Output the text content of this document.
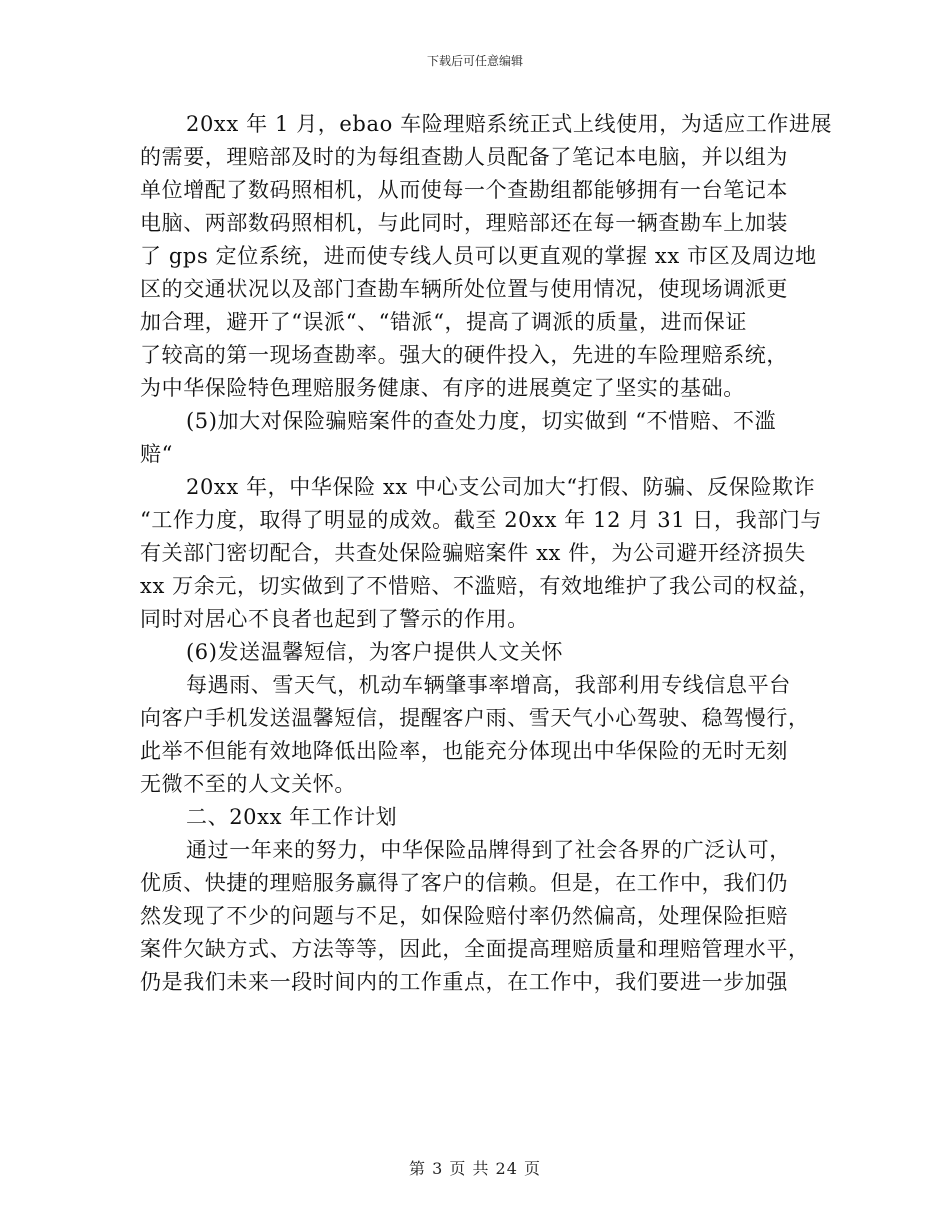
下载后可任意编辑
20xx 年 1 月，ebao 车险理赔系统正式上线使用，为适应工作进展
的需要，理赔部及时的为每组查勘人员配备了笔记本电脑，并以组为
单位增配了数码照相机，从而使每一个查勘组都能够拥有一台笔记本
电脑、两部数码照相机，与此同时，理赔部还在每一辆查勘车上加装
了 gps 定位系统，进而使专线人员可以更直观的掌握 xx 市区及周边地
区的交通状况以及部门查勘车辆所处位置与使用情况，使现场调派更
加合理，避开了“误派“、“错派“，提高了调派的质量，进而保证
了较高的第一现场查勘率。强大的硬件投入，先进的车险理赔系统，
为中华保险特色理赔服务健康、有序的进展奠定了坚实的基础。
(5)加大对保险骗赔案件的查处力度，切实做到 “不惜赔、不滥
赔“
20xx 年，中华保险 xx 中心支公司加大“打假、防骗、反保险欺诈
“工作力度，取得了明显的成效。截至 20xx 年 12 月 31 日，我部门与
有关部门密切配合，共查处保险骗赔案件 xx 件，为公司避开经济损失
xx 万余元，切实做到了不惜赔、不滥赔，有效地维护了我公司的权益，
同时对居心不良者也起到了警示的作用。
(6)发送温馨短信，为客户提供人文关怀
每遇雨、雪天气，机动车辆肇事率增高，我部利用专线信息平台
向客户手机发送温馨短信，提醒客户雨、雪天气小心驾驶、稳驾慢行，
此举不但能有效地降低出险率，也能充分体现出中华保险的无时无刻
无微不至的人文关怀。
二、20xx 年工作计划
通过一年来的努力，中华保险品牌得到了社会各界的广泛认可，
优质、快捷的理赔服务赢得了客户的信赖。但是，在工作中，我们仍
然发现了不少的问题与不足，如保险赔付率仍然偏高，处理保险拒赔
案件欠缺方式、方法等等，因此，全面提高理赔质量和理赔管理水平，
仍是我们未来一段时间内的工作重点，在工作中，我们要进一步加强
第 3 页 共 24 页
